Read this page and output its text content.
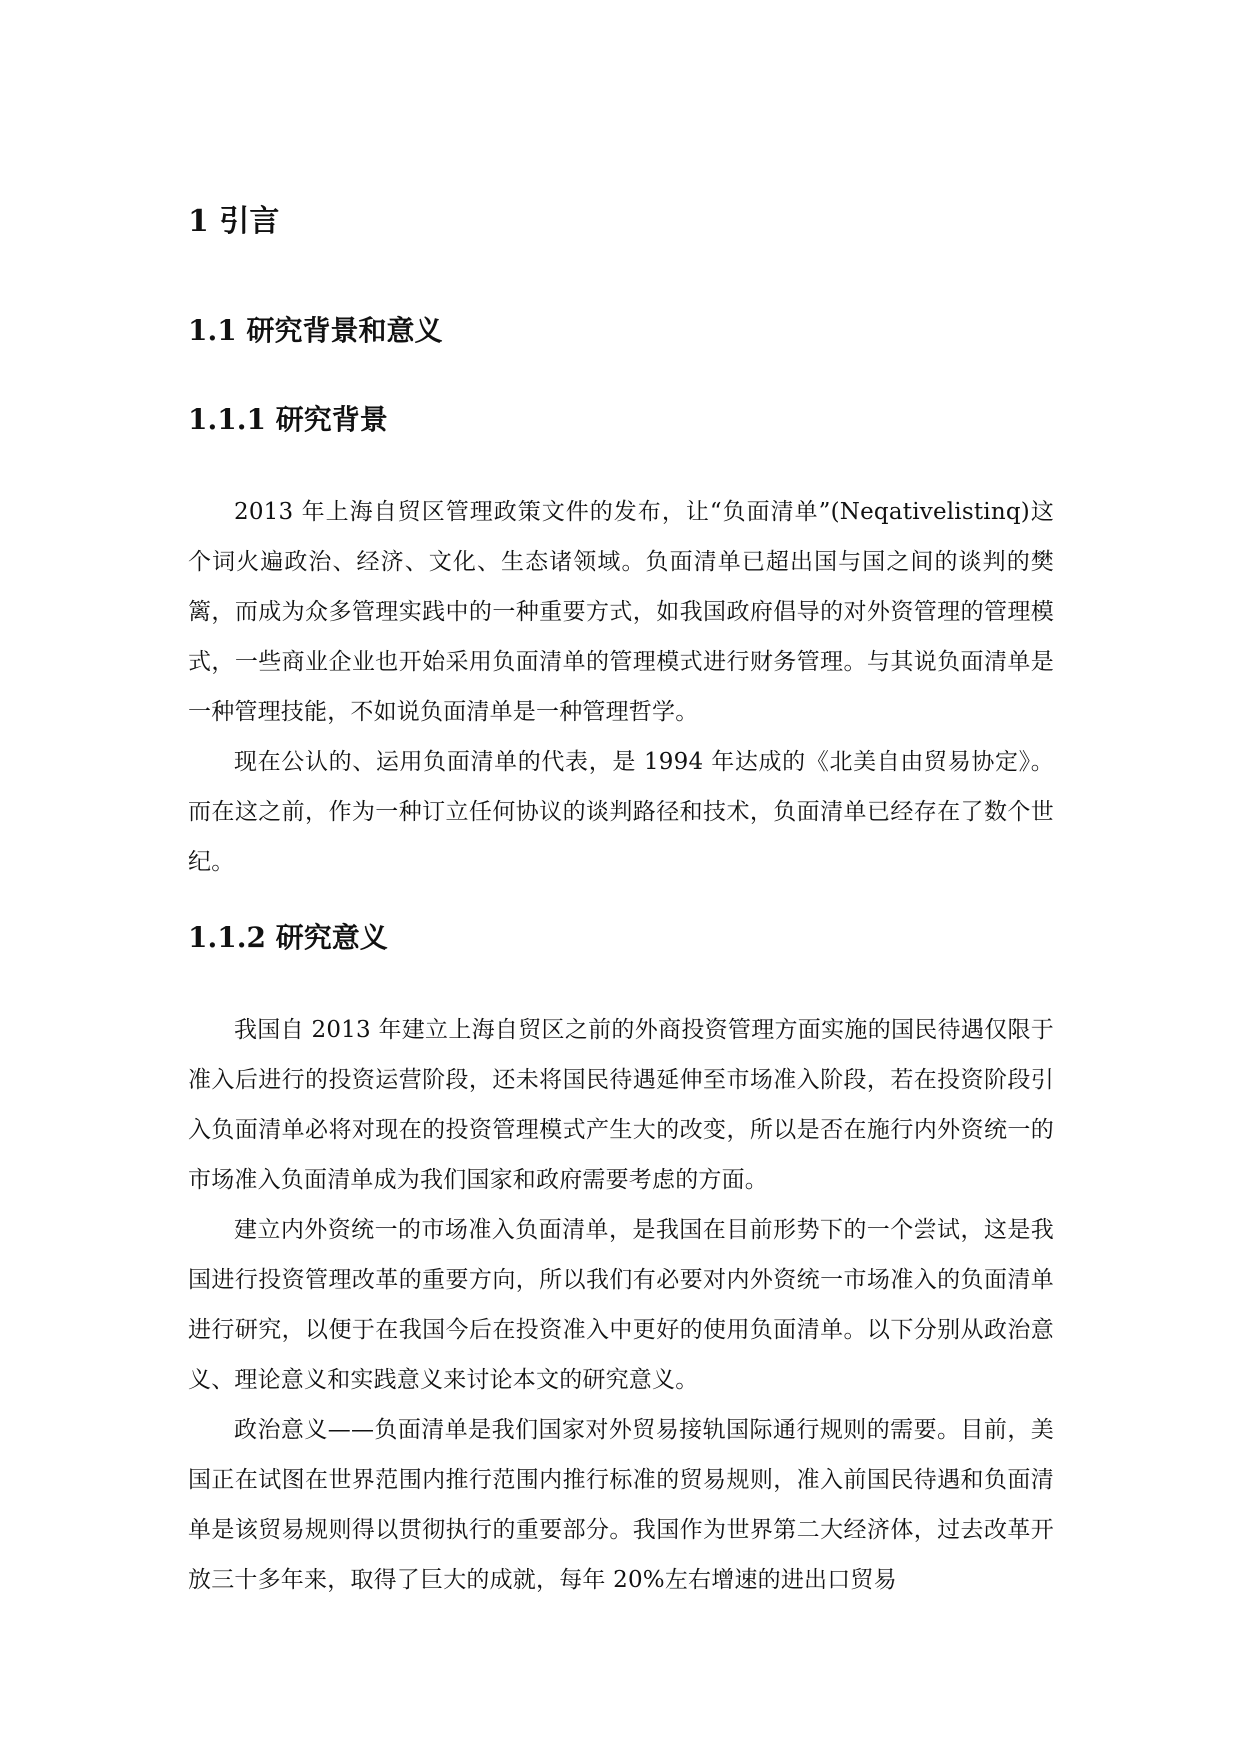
1 引言
1.1 研究背景和意义
1.1.1 研究背景

2013 年上海自贸区管理政策文件的发布，让“负面清单”(Neqativelistinq)这个词火遍政治、经济、文化、生态诸领域。负面清单已超出国与国之间的谈判的樊篱，而成为众多管理实践中的一种重要方式，如我国政府倡导的对外资管理的管理模式，一些商业企业也开始采用负面清单的管理模式进行财务管理。与其说负面清单是一种管理技能，不如说负面清单是一种管理哲学。

现在公认的、运用负面清单的代表，是 1994 年达成的《北美自由贸易协定》。而在这之前，作为一种订立任何协议的谈判路径和技术，负面清单已经存在了数个世纪。

1.1.2 研究意义

我国自 2013 年建立上海自贸区之前的外商投资管理方面实施的国民待遇仅限于准入后进行的投资运营阶段，还未将国民待遇延伸至市场准入阶段，若在投资阶段引入负面清单必将对现在的投资管理模式产生大的改变，所以是否在施行内外资统一的市场准入负面清单成为我们国家和政府需要考虑的方面。

建立内外资统一的市场准入负面清单，是我国在目前形势下的一个尝试，这是我国进行投资管理改革的重要方向，所以我们有必要对内外资统一市场准入的负面清单进行研究，以便于在我国今后在投资准入中更好的使用负面清单。以下分别从政治意义、理论意义和实践意义来讨论本文的研究意义。

政治意义——负面清单是我们国家对外贸易接轨国际通行规则的需要。目前，美国正在试图在世界范围内推行范围内推行标准的贸易规则，准入前国民待遇和负面清单是该贸易规则得以贯彻执行的重要部分。我国作为世界第二大经济体，过去改革开放三十多年来，取得了巨大的成就，每年 20%左右增速的进出口贸易
